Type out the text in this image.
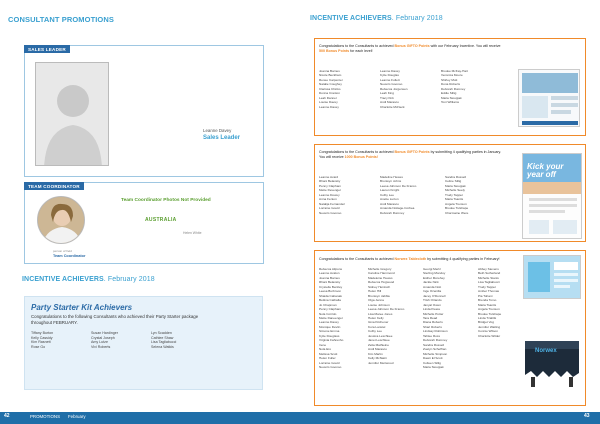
CONSULTANT PROMOTIONS
SALES LEADER
Leanne Davey
Sales Leader
TEAM COORDINATOR
person of field
Team Coordinator
Team Coordinator Photos Not Provided
AUSTRALIA
Helen White
INCENTIVE ACHIEVERS. February 2018
Party Starter Kit Achievers
Congratulations to the following Consultants who achieved their Party Starter package throughout FEBRUARY.
Tiffany Burton
Kelly Cassidy
Kim Rasnett
Rose Go
Susan Hardinger
Crystal Joseph
Amy Lutze
Vivi Roberts
Lyn Scadden
Cathlee Shaw
Lisa Tagliabucci
Selena Watkis
42	PROMOTIONS February
INCENTIVE ACHIEVERS. February 2018
Congratulations to the Consultants to achieved Bonus GIFTO Points with our February Incentive. You will receive 500 Bonus Points for each level!
Joanna Barnes
Nicole Beckham
Renee Carpenter
Natalie Coughey
Clarissa Chicko
Donna Cranton
Leah Danner
Louise Davey
Leanne Davey
Leanne Davey
Kylie Douglas
Leanne Follett
Neveris Goonoo
Rebecca Jorgensen
Leah King
Tracy Kirk
Andi Marasco
Charlotte McNeck
Brooke McKay-Hart
Veronica Moore
Shirley Mutt
Dona Roberts
Deborah Rumney
Eddie Sillig
Maria Stoupjak
Toni Williams
Congratulations to the Consultants to achieved Bonus GIFTO Points by submitting 4 qualifying parties in January. You will receive 1000 Bonus Points!
Leanne Avard
Rhani Belavsky
Penny Clapham
Mette Devenger
Leanne Dowey
Anna Fenton
Natalija Fernandez
Lorraine Gould
Neveris Goonoo
Madeline Hewes
Bronwyn Johns
Leesa Johnson De Franco
Lauren Knight
Colby Lee
Anette Lurton
Andi Marasco
Amanda Nottage-Corbea
Deborah Rumney
Sandra Russell
Celine Sillig
Maria Stoupjak
Michelle Seely
Trudy Tapper
Maria Tsantis
Angela Trenson
Brooke Tulshape
Charmaine Were
Kick your year off
Congratulations to the Consultants to achieved Norwex Tablecloth by submitting 4 qualifying parties in February!
Rebecca Ailpons
Leanne Avalon
Joanna Barnes
Rhani Belavsky
Crystelle Bentley
Leesa Burbroon
Shaida Cabanak
Bettina Cathalla
Jo Chapman
Penny Clapham
Nola Corrido
Mette Daneenger
Leanne Davey
Monique Devlin
Simone Emma
Kylie Douglass
Virginia Fahrenho
Irene
Nola Ero
Melissa Scott
Helen Fuller
Lorraine Gould
Neveris Goonoo
Michelle Gregory
Caroline Hammond
Madeleine Hewes
Rebecca Hogwood
Sidney Heinisch
Helen Hill
Bronwyn Jabble
Olga Jenna
Louise Johnson
Leesa Johnson De Franco
Lisa Maree Jones
Helen Kelly
Gina Kitchener
Kora Lanstel
Colby Lee
Jessica Leschkee
Janet Leschkee
Zelia Mathieine
Andi Marasco
Kim Martin
Kelly McNairn
Jennifer Mertwood
Georgi Mertz
Sterling Mondoy
Esther Morehey
Jackie Nick
Amanda Nott
Inge Ozenilla
Jacey O'Donnell
Trish Orlando
Janyal Owen
Linda Peace
Michelle Potter
Tara Read
Diana Roberts
Shari Roberts
Lindsay Robinson
Tahlee Ross
Deborah Rumney
Sandra Russell
Zuelyn Scheffran
Michelle Simpson
Dawn El Scott
Colleen Sillig
Maria Stoupjak
Abbey Stevens
Beth Sutherland
Michelle Stanis
Lisa Tagliabucci
Trudy Tapper
Amber Thomas
Pia Tohani
Brenda Tomo
Maria Tsantis
Angela Trenson
Brooke Tulshape
Linda Tzablik
Bridget Vog
Jennifer Watling
Connie Wilson
Charlotte Wilder
Norwex
43
